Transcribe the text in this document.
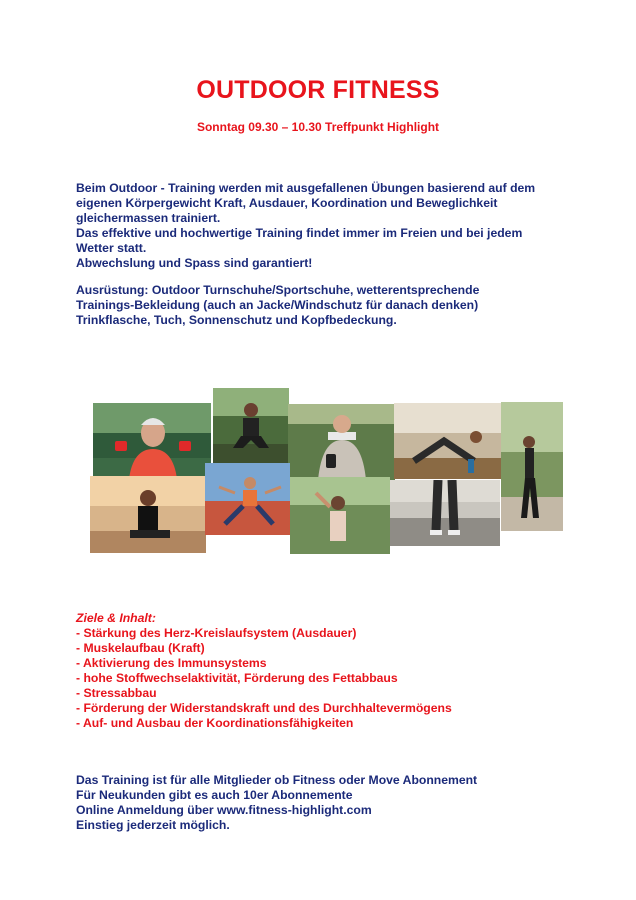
OUTDOOR FITNESS
Sonntag 09.30 – 10.30 Treffpunkt Highlight

Beim Outdoor - Training werden mit ausgefallenen Übungen basierend auf dem

eigenen Körpergewicht Kraft, Ausdauer, Koordination und Beweglichkeit

gleichermassen trainiert.

Das effektive und hochwertige Training findet immer im Freien und bei jedem

Wetter statt.

Abwechslung und Spass sind garantiert!

Ausrüstung: Outdoor Turnschuhe/Sportschuhe, wetterentsprechende

Trainings-Bekleidung (auch an Jacke/Windschutz für danach denken)

Trinkflasche, Tuch, Sonnenschutz und Kopfbedeckung.

Ziele & Inhalt:

- Stärkung des Herz-Kreislaufsystem (Ausdauer)

- Muskelaufbau (Kraft)

- Aktivierung des Immunsystems

- hohe Stoffwechselaktivität, Förderung des Fettabbaus

- Stressabbau

- Förderung der Widerstandskraft und des Durchhaltevermögens

- Auf- und Ausbau der Koordinationsfähigkeiten

Das Training ist für alle Mitglieder ob Fitness oder Move Abonnement

Für Neukunden gibt es auch 10er Abonnemente

Online Anmeldung über www.fitness-highlight.com

Einstieg jederzeit möglich.
